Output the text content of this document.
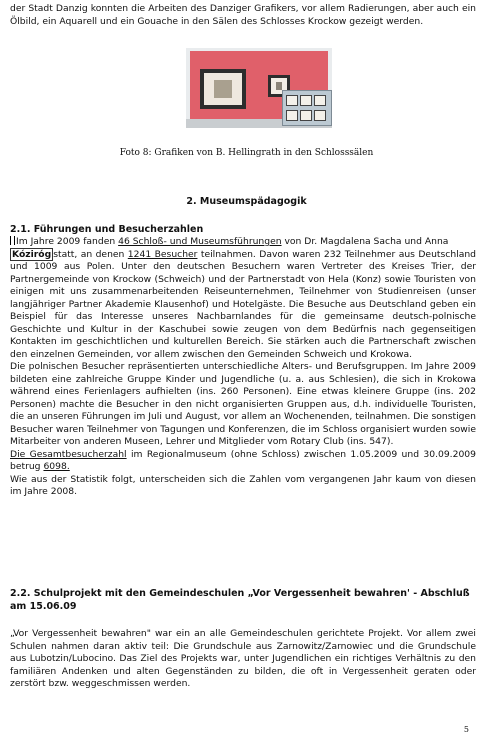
der Stadt Danzig konnten die Arbeiten des Danziger Grafikers, vor allem Radierungen, aber auch ein Ölbild, ein Aquarell und ein Gouache in den Sälen des Schlosses Krockow gezeigt werden.
Foto 8: Grafiken von B. Hellingrath in den Schlosssälen
2. Museumspädagogik
2.1. Führungen und Besucherzahlen
Im Jahre 2009 fanden 46 Schloß- und Museumsführungen von Dr. Magdalena Sacha und Anna
Kózirόg statt, an denen 1241 Besucher teilnahmen. Davon waren 232 Teilnehmer aus Deutschland und 1009 aus Polen. Unter den deutschen Besuchern waren Vertreter des Kreises Trier, der Partnergemeinde von Krockow (Schweich) und der Partnerstadt von Hela (Konz) sowie Touristen von einigen mit uns zusammenarbeitenden Reiseunternehmen, Teilnehmer von Studienreisen (unser langjähriger Partner Akademie Klausenhof) und Hotelgäste. Die Besuche aus Deutschland geben ein Beispiel für das Interesse unseres Nachbarnlandes für die gemeinsame deutsch-polnische Geschichte und Kultur in der Kaschubei sowie zeugen von dem Bedürfnis nach gegenseitigen Kontakten im geschichtlichen und kulturellen Bereich. Sie stärken auch die Partnerschaft zwischen den einzelnen Gemeinden, vor allem zwischen den Gemeinden Schweich und Krokowa.
Die polnischen Besucher repräsentierten unterschiedliche Alters- und Berufsgruppen. Im Jahre 2009 bildeten eine zahlreiche Gruppe Kinder und Jugendliche (u. a. aus Schlesien), die sich in Krokowa während eines Ferienlagers aufhielten (ins. 260 Personen). Eine etwas kleinere Gruppe (ins. 202 Personen) machte die Besucher in den nicht organisierten Gruppen aus, d.h. individuelle Touristen, die an unseren Führungen im Juli und August, vor allem an Wochenenden, teilnahmen. Die sonstigen Besucher waren Teilnehmer von Tagungen und Konferenzen, die im Schloss organisiert wurden sowie Mitarbeiter von anderen Museen, Lehrer und Mitglieder vom Rotary Club (ins. 547).
Die Gesamtbesucherzahl im Regionalmuseum (ohne Schloss) zwischen 1.05.2009 und 30.09.2009 betrug 6098.
Wie aus der Statistik folgt, unterscheiden sich die Zahlen vom vergangenen Jahr kaum von diesen im Jahre 2008.
2.2. Schulprojekt mit den Gemeindeschulen „Vor Vergessenheit bewahren' - Abschluß am 15.06.09
„Vor Vergessenheit bewahren" war ein an alle Gemeindeschulen gerichtete Projekt. Vor allem zwei Schulen nahmen daran aktiv teil: Die Grundschule aus Zarnowitz/Zarnowiec und die Grundschule aus Lubotzin/Lubocino. Das Ziel des Projekts war, unter Jugendlichen ein richtiges Verhältnis zu den familiären Andenken und alten Gegenständen zu bilden, die oft in Vergessenheit geraten oder zerstört bzw. weggeschmissen werden.
5
